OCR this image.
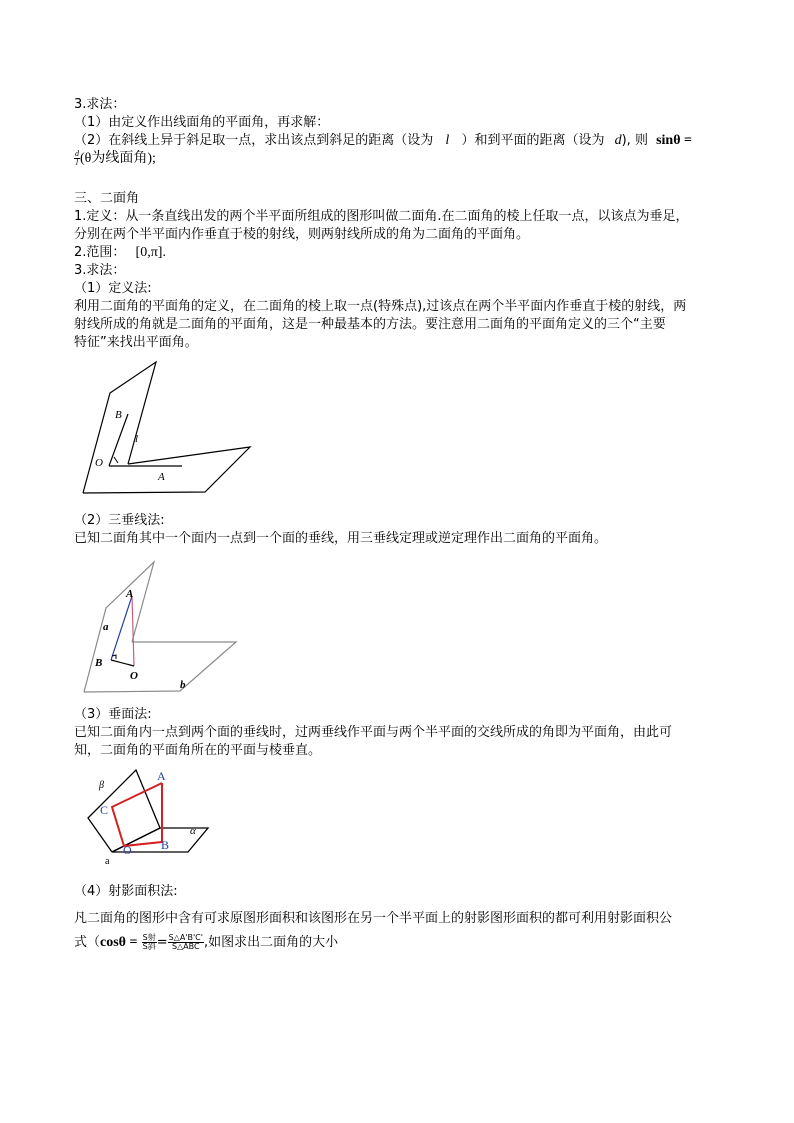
3.求法：
（1）由定义作出线面角的平面角，再求解：
（2）在斜线上异于斜足取一点，求出该点到斜足的距离（设为 l ）和到平面的距离（设为 d), 则 sinθ =
$\frac{d}{l} (\theta$为线面角);
三、二面角
1.定义：从一条直线出发的两个半平面所组成的图形叫做二面角.在二面角的棱上任取一点，以该点为垂足，
分别在两个半平面内作垂直于棱的射线，则两射线所成的角为二面角的平面角。
2.范围： [0,π].
3.求法：
（1）定义法:
利用二面角的平面角的定义，在二面角的棱上取一点(特殊点),过该点在两个半平面内作垂直于棱的射线，两
射线所成的角就是二面角的平面角，这是一种最基本的方法。要注意用二面角的平面角定义的三个“主要
特征”来找出平面角。
B
l
O
A
（2）三垂线法:
已知二面角其中一个面内一点到一个面的垂线，用三垂线定理或逆定理作出二面角的平面角。
A
a
B
O
b
（3）垂面法:
已知二面角内一点到两个面的垂线时，过两垂线作平面与两个半平面的交线所成的角即为平面角，由此可
知，二面角的平面角所在的平面与棱垂直。
β
A
C
α
O B
a
（4）射影面积法:
凡二面角的图形中含有可求原图形面积和该图形在另一个半平面上的射影图形面积的都可利用射影面积公
式（$\cos\theta = \frac{\text{S射}}{\text{S斜}} = \frac{S\triangle A'B'C'}{\text{S△ABC}}$ ,如图求出二面角的大小
